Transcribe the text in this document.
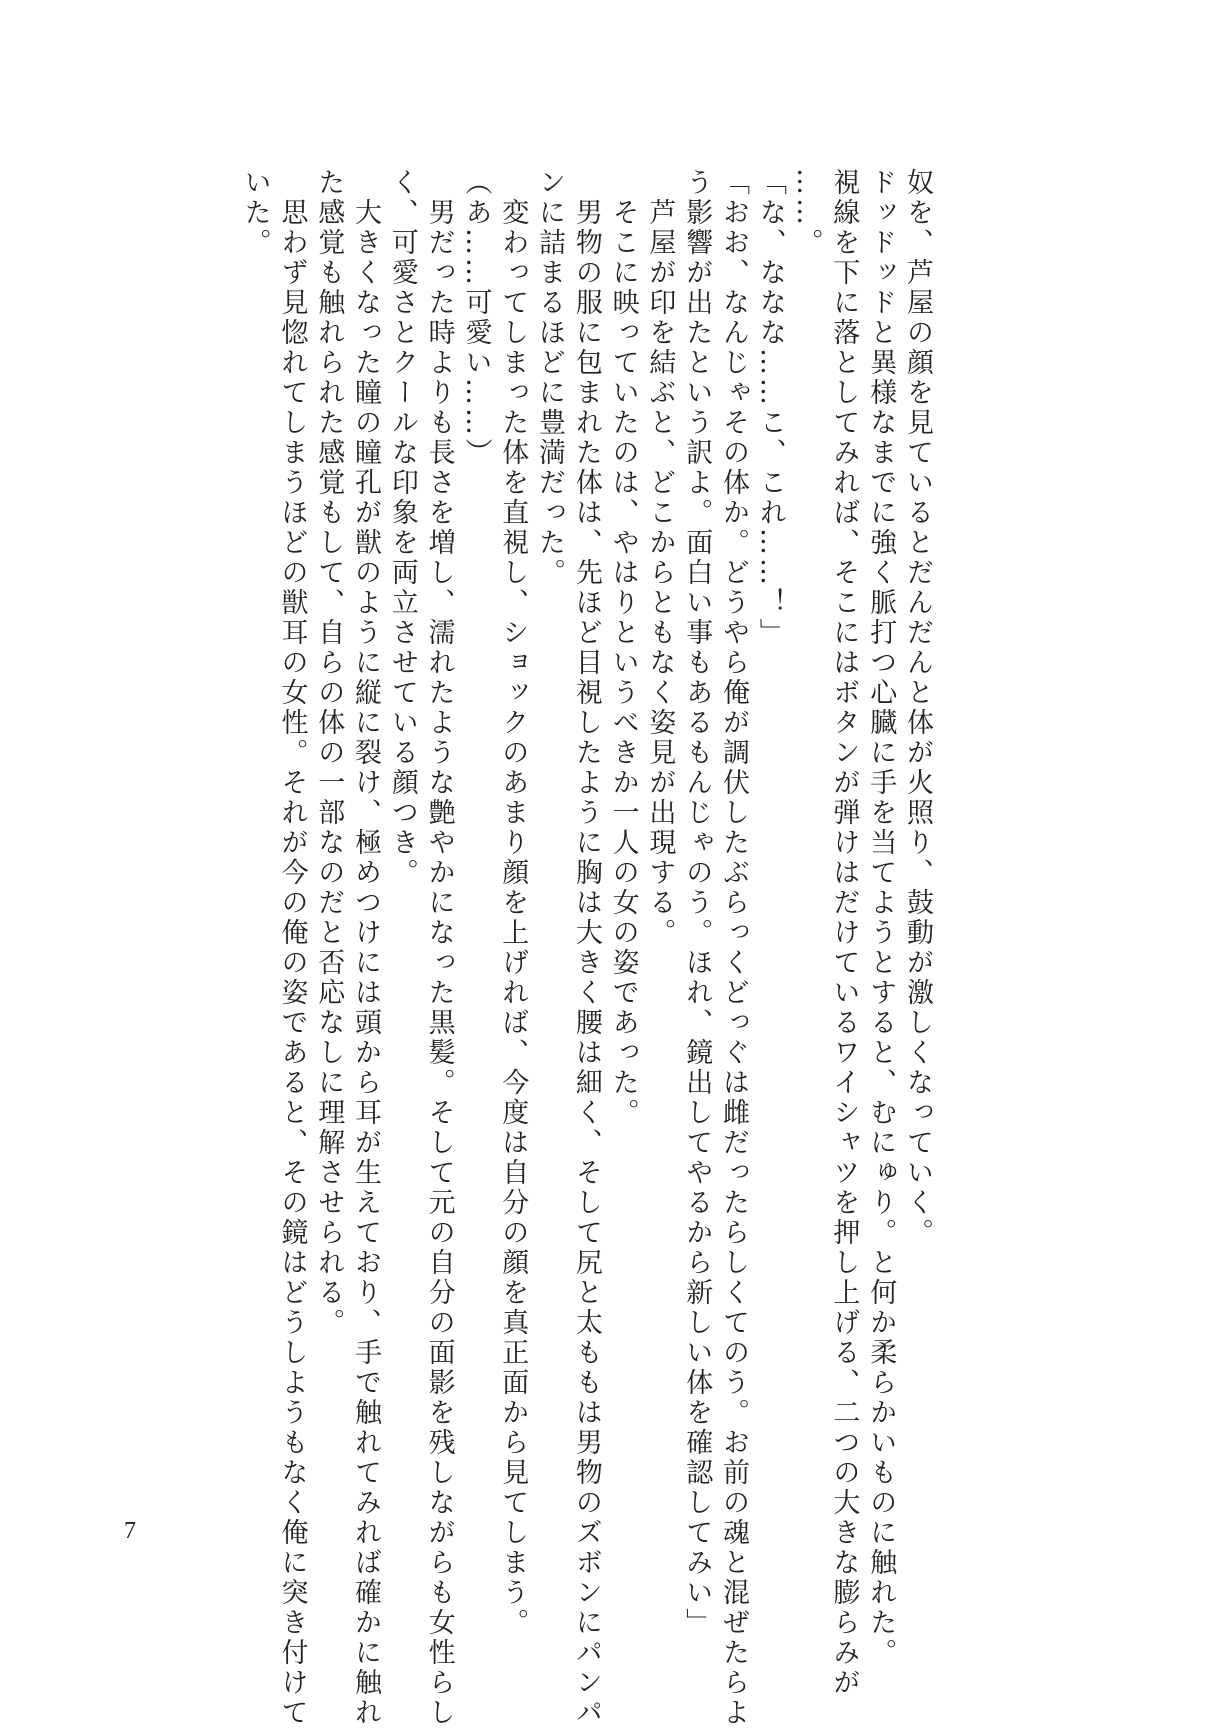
奴を、芦屋の顔を見ているとだんだんと体が火照り、鼓動が激しくなっていく。
ドッドッドと異様なまでに強く脈打つ心臓に手を当てようとすると、むにゅり。と何か柔らかいものに触れた。
視線を下に落としてみれば、そこにはボタンが弾けはだけているワイシャツを押し上げる、二つの大きな膨らみが
……。
「な、ななな……こ、これ……！」
「おお、なんじゃその体か。どうやら俺が調伏したぶらっくどっぐは雌だったらしくてのう。お前の魂と混ぜたらよ
う影響が出たという訳よ。面白い事もあるもんじゃのう。ほれ、鏡出してやるから新しい体を確認してみい」
　芦屋が印を結ぶと、どこからともなく姿見が出現する。
　そこに映っていたのは、やはりというべきか一人の女の姿であった。
　男物の服に包まれた体は、先ほど目視したように胸は大きく腰は細く、そして尻と太ももは男物のズボンにパンパ
ンに詰まるほどに豊満だった。
　変わってしまった体を直視し、ショックのあまり顔を上げれば、今度は自分の顔を真正面から見てしまう。
（あ……可愛い……）
　男だった時よりも長さを増し、濡れたような艶やかになった黒髪。そして元の自分の面影を残しながらも女性らし
く、可愛さとクールな印象を両立させている顔つき。
　大きくなった瞳の瞳孔が獣のように縦に裂け、極めつけには頭から耳が生えており、手で触れてみれば確かに触れ
た感覚も触れられた感覚もして、自らの体の一部なのだと否応なしに理解させられる。
　思わず見惚れてしまうほどの獣耳の女性。それが今の俺の姿であると、その鏡はどうしようもなく俺に突き付けて
いた。
7
